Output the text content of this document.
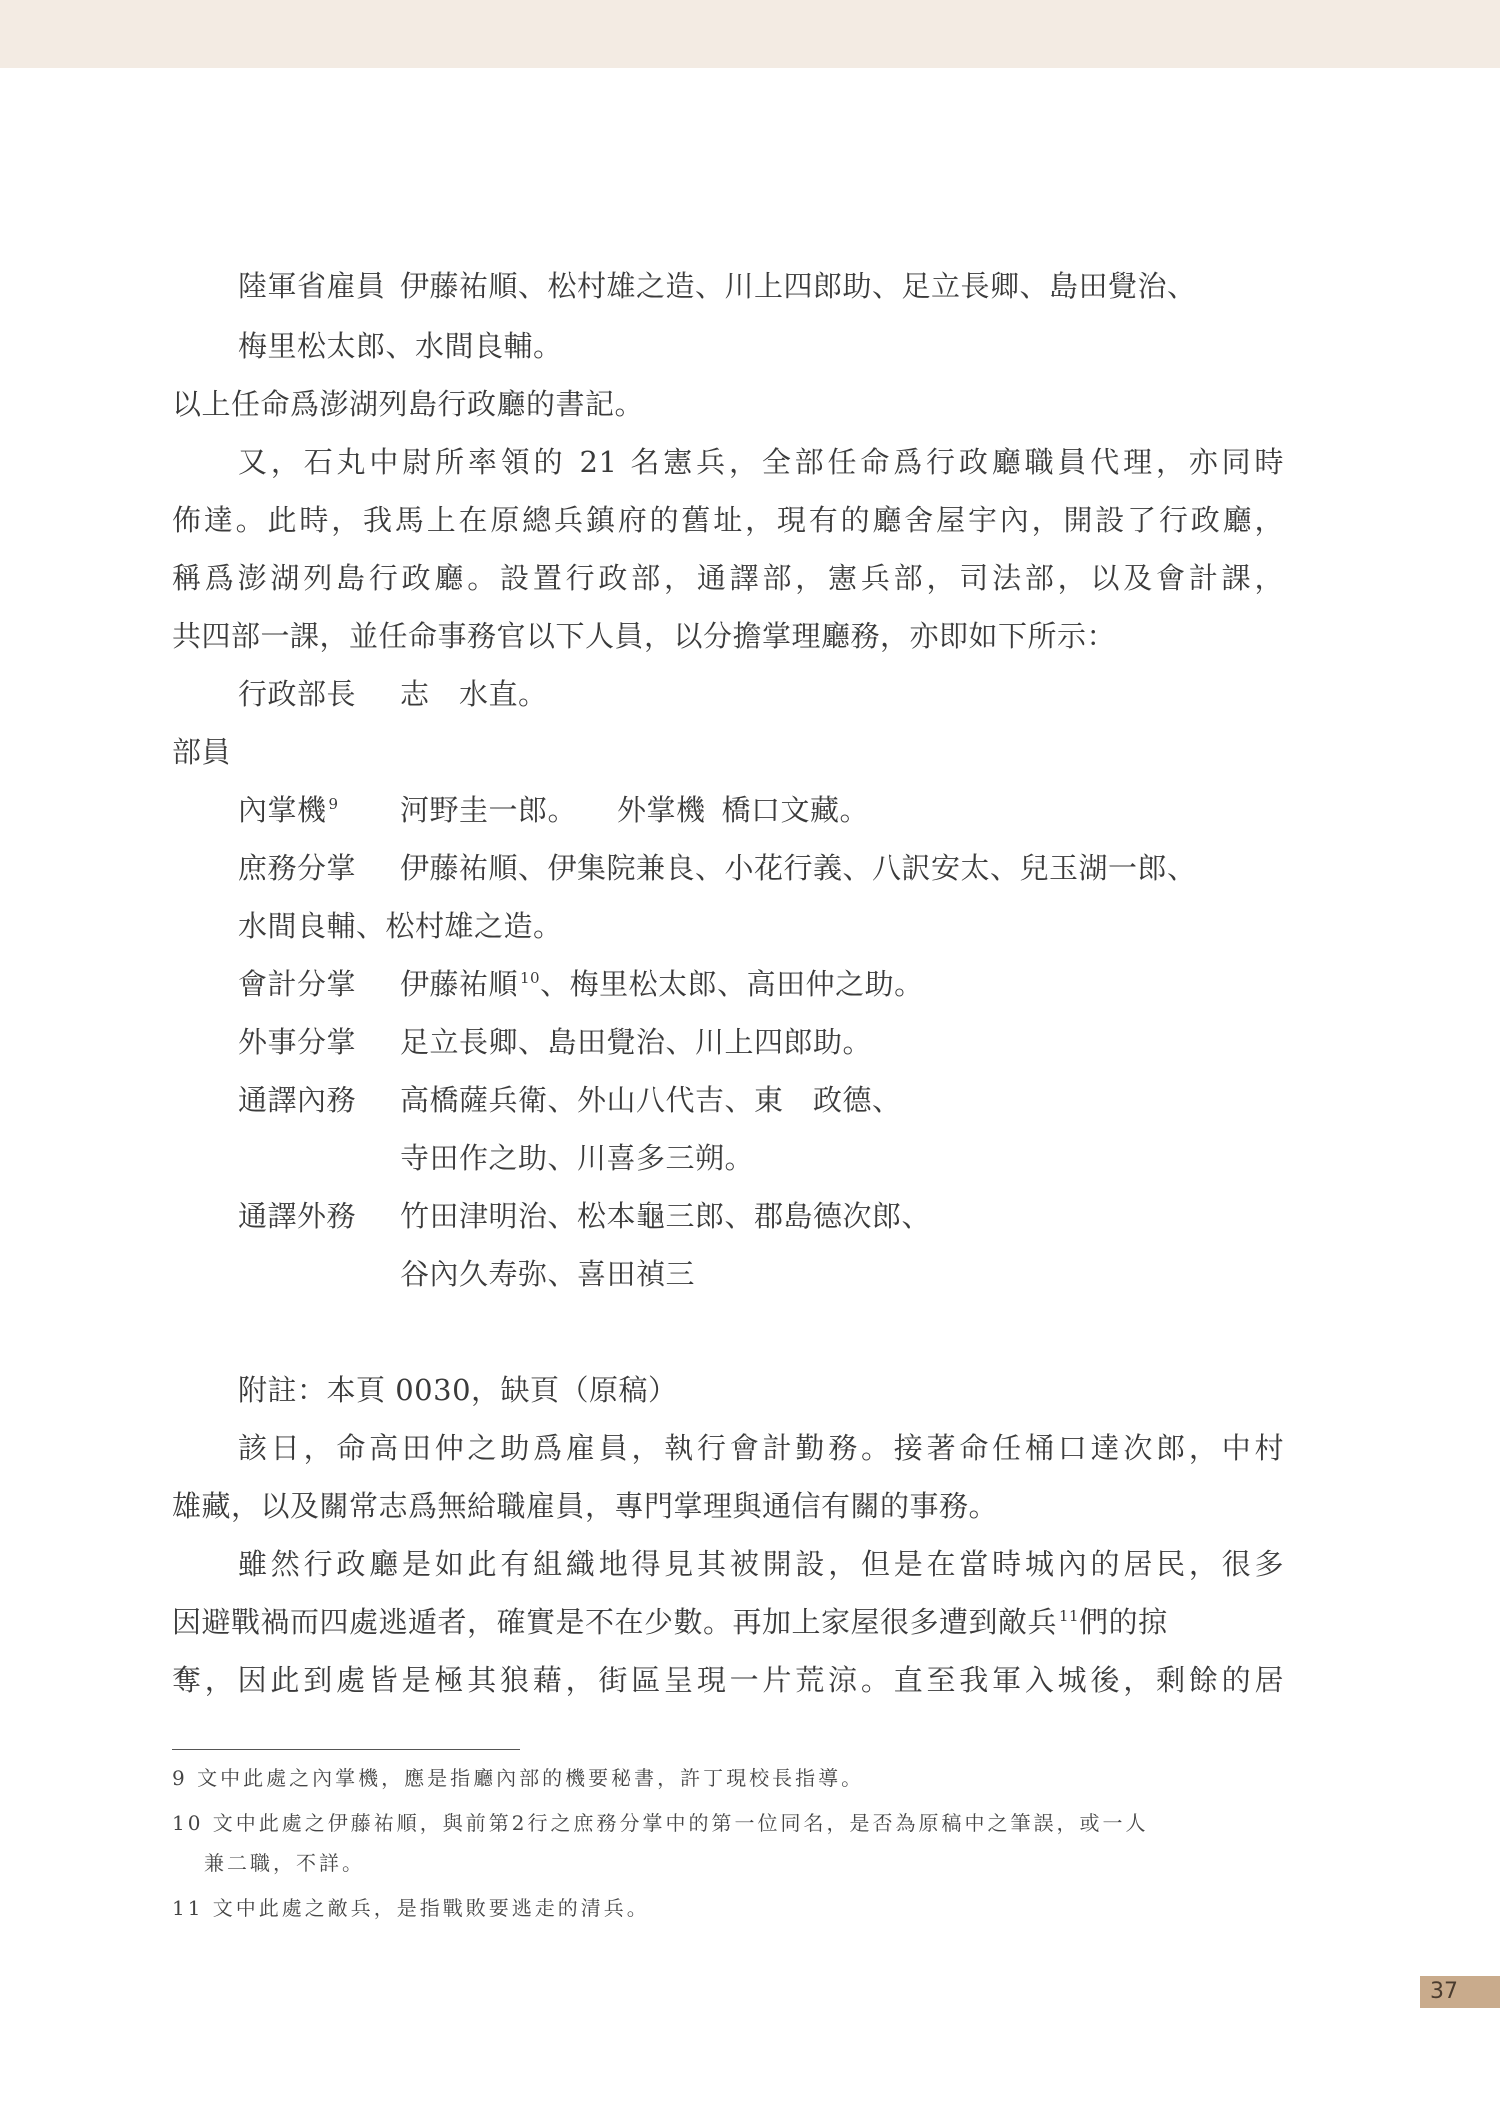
陸軍省雇員 伊藤祐順、松村雄之造、川上四郎助、足立長卿、島田覺治、
梅里松太郎、水間良輔。
以上任命爲澎湖列島行政廳的書記。
又，石丸中尉所率領的 21 名憲兵，全部任命爲行政廳職員代理，亦同時
佈達。此時，我馬上在原總兵鎮府的舊址，現有的廳舍屋宇內，開設了行政廳，
稱爲澎湖列島行政廳。設置行政部，通譯部，憲兵部，司法部，以及會計課，
共四部一課，並任命事務官以下人員，以分擔掌理廳務，亦即如下所示：
行政部長 志　水直。
部員
內掌機 $^9$ 河野圭一郎。 外掌機 橋口文藏。
庶務分掌 伊藤祐順、伊集院兼良、小花行義、八訳安太、兒玉湖一郎、
水間良輔、松村雄之造。
會計分掌 伊藤祐順 $^{10}$、梅里松太郎、高田仲之助。
外事分掌 足立長卿、島田覺治、川上四郎助。
通譯內務 高橋薩兵衛、外山八代吉、東　政德、
寺田作之助、川喜多三朔。
通譯外務 竹田津明治、松本龜三郎、郡島德次郎、
谷內久寿弥、喜田禎三
附註：本頁 0030，缺頁（原稿）
該日，命高田仲之助爲雇員，執行會計勤務。接著命任桶口達次郎，中村
雄藏，以及關常志爲無給職雇員，專門掌理與通信有關的事務。
雖然行政廳是如此有組織地得見其被開設，但是在當時城內的居民，很多
因避戰禍而四處逃遁者，確實是不在少數。再加上家屋很多遭到敵兵 $^{11}$們的掠
奪，因此到處皆是極其狼藉，街區呈現一片荒涼。直至我軍入城後，剩餘的居
9 文中此處之內掌機，應是指廳內部的機要秘書，許丁現校長指導。
10 文中此處之伊藤祐順，與前第2行之庶務分掌中的第一位同名，是否為原稿中之筆誤，或一人
兼二職，不詳。
11 文中此處之敵兵，是指戰敗要逃走的清兵。
37
